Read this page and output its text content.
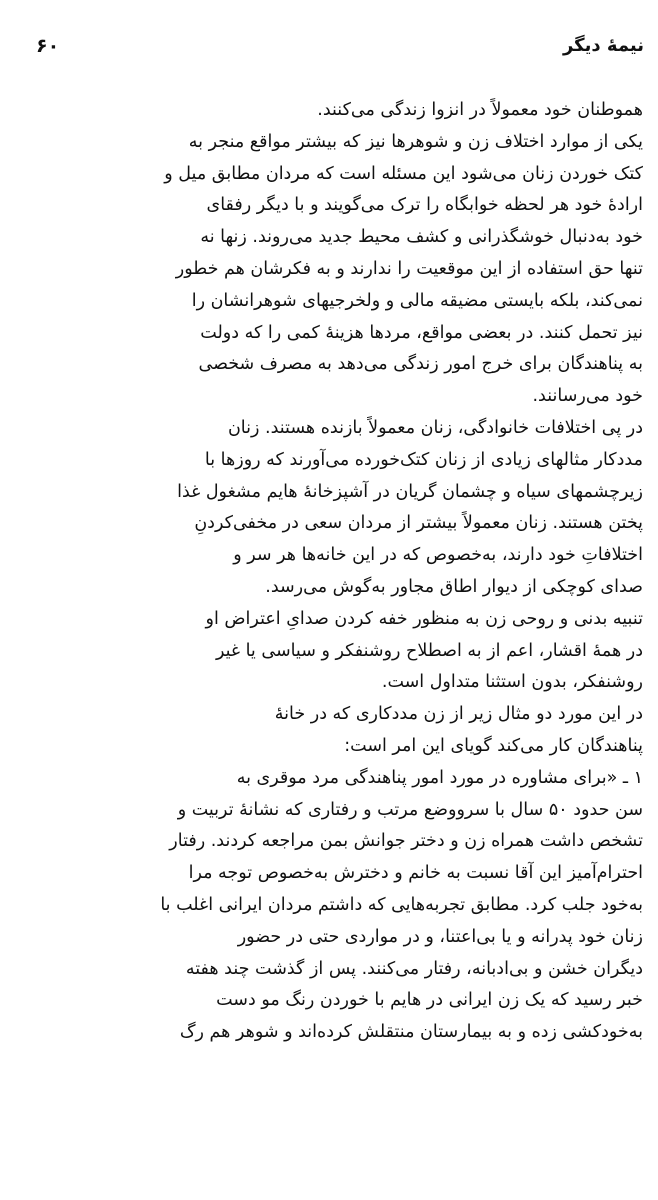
نيمهٔ ديگر
۶۰
هموطنان خود معمولاً در انزوا زندگی می‌کنند.
یکی از موارد اختلاف زن و شوهرها نیز که بیشتر مواقع منجر به
کتک خوردن زنان می‌شود این مسئله است که مردان مطابق میل و
ارادهٔ خود هر لحظه خوابگاه را ترک می‌گویند و با دیگر رفقای
خود به‌دنبال خوشگذرانی و کشف محیط جدید می‌روند. زنها نه
تنها حق استفاده از این موقعیت را ندارند و به فکرشان هم خطور
نمی‌کند، بلکه بایستی مضیقه مالی و ولخرجیهای شوهرانشان را
نیز تحمل کنند. در بعضی مواقع، مردها هزینهٔ کمی را که دولت
به پناهندگان برای خرج امور زندگی می‌دهد به مصرف شخصی
خود می‌رسانند.
در پی اختلافات خانوادگی، زنان معمولاً بازنده هستند. زنان
مددکار مثالهای زیادی از زنان کتک‌خورده می‌آورند که روزها با
زیرچشمهای سیاه و چشمان گریان در آشپزخانهٔ هایم مشغول غذا
پختن هستند. زنان معمولاً بیشتر از مردان سعی در مخفی‌کردنِ
اختلافاتِ خود دارند، به‌خصوص که در این خانه‌ها هر سر و
صدای کوچکی از دیوار اطاق مجاور به‌گوش می‌رسد.
تنبیه بدنی و روحی زن به منظور خفه کردن صدایِ اعتراض او
در همهٔ اقشار، اعم از به اصطلاح روشنفکر و سیاسی یا غیر
روشنفکر، بدون استثنا متداول است.
در این مورد دو مثال زیر از زن مددکاری که در خانهٔ
پناهندگان کار می‌کند گویای این امر است:
۱ ـ «برای مشاوره در مورد امور پناهندگی مرد موقری به
سن حدود ۵۰ سال با سرووضع مرتب و رفتاری که نشانهٔ تربیت و
تشخص داشت همراه زن و دختر جوانش بمن مراجعه کردند. رفتار
احترام‌آمیز این آقا نسبت به خانم و دخترش به‌خصوص توجه مرا
به‌خود جلب کرد. مطابق تجربه‌هایی که داشتم مردان ایرانی اغلب با
زنان خود پدرانه و یا بی‌اعتنا، و در مواردی حتی در حضور
دیگران خشن و بی‌ادبانه، رفتار می‌کنند. پس از گذشت چند هفته
خبر رسید که یک زن ایرانی در هایم با خوردن رنگ مو دست
به‌خودکشی زده و به بیمارستان منتقلش کرده‌اند و شوهر هم رگ
